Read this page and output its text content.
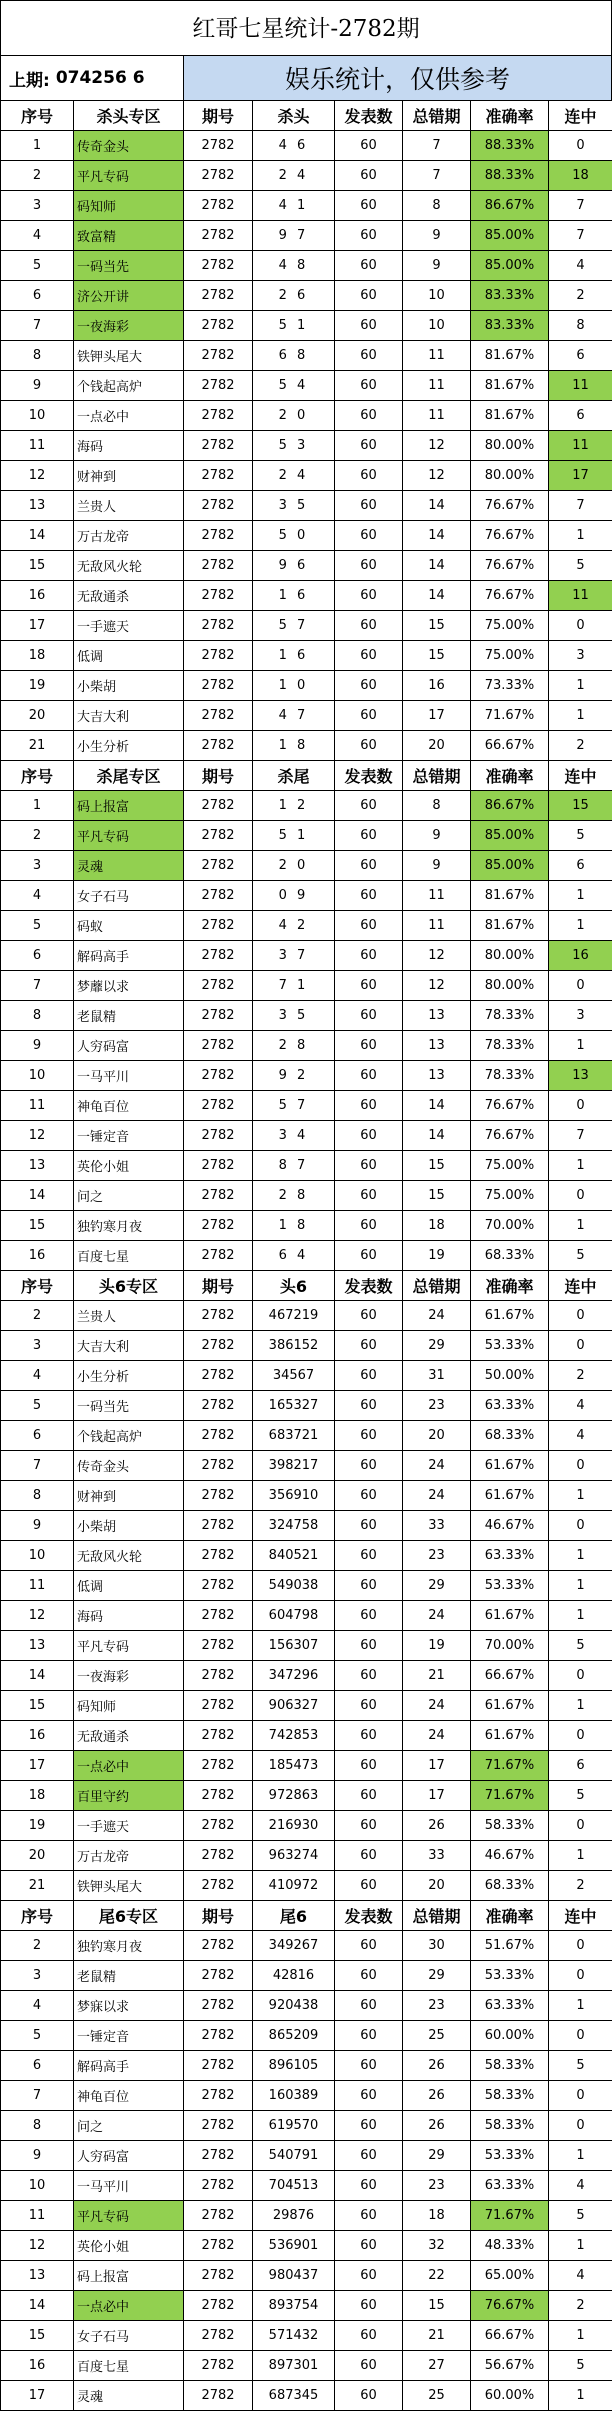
红哥七星统计-2782期
上期: 074256 6	娱乐统计，仅供参考
序号	杀头专区	期号	杀头	发表数	总错期	准确率	连中
1	传奇金头	2782	4 6	60	7	88.33%	0
2	平凡专码	2782	2 4	60	7	88.33%	18
3	码知师	2782	4 1	60	8	86.67%	7
4	致富精	2782	9 7	60	9	85.00%	7
5	一码当先	2782	4 8	60	9	85.00%	4
6	济公开讲	2782	2 6	60	10	83.33%	2
7	一夜海彩	2782	5 1	60	10	83.33%	8
8	铁钾头尾大	2782	6 8	60	11	81.67%	6
9	个钱起高炉	2782	5 4	60	11	81.67%	11
10	一点必中	2782	2 0	60	11	81.67%	6
11	海码	2782	5 3	60	12	80.00%	11
12	财神到	2782	2 4	60	12	80.00%	17
13	兰贵人	2782	3 5	60	14	76.67%	7
14	万古龙帝	2782	5 0	60	14	76.67%	1
15	无敌风火轮	2782	9 6	60	14	76.67%	5
16	无敌通杀	2782	1 6	60	14	76.67%	11
17	一手遮天	2782	5 7	60	15	75.00%	0
18	低调	2782	1 6	60	15	75.00%	3
19	小柴胡	2782	1 0	60	16	73.33%	1
20	大吉大利	2782	4 7	60	17	71.67%	1
21	小生分析	2782	1 8	60	20	66.67%	2
序号	杀尾专区	期号	杀尾	发表数	总错期	准确率	连中
1	码上报富	2782	1 2	60	8	86.67%	15
2	平凡专码	2782	5 1	60	9	85.00%	5
3	灵魂	2782	2 0	60	9	85.00%	6
4	女子石马	2782	0 9	60	11	81.67%	1
5	码蚁	2782	4 2	60	11	81.67%	1
6	解码高手	2782	3 7	60	12	80.00%	16
7	梦蘼以求	2782	7 1	60	12	80.00%	0
8	老鼠精	2782	3 5	60	13	78.33%	3
9	人穷码富	2782	2 8	60	13	78.33%	1
10	一马平川	2782	9 2	60	13	78.33%	13
11	神龟百位	2782	5 7	60	14	76.67%	0
12	一锤定音	2782	3 4	60	14	76.67%	7
13	英伦小姐	2782	8 7	60	15	75.00%	1
14	问之	2782	2 8	60	15	75.00%	0
15	独钓寒月夜	2782	1 8	60	18	70.00%	1
16	百度七星	2782	6 4	60	19	68.33%	5
序号	头6专区	期号	头6	发表数	总错期	准确率	连中
2	兰贵人	2782	467219	60	24	61.67%	0
3	大吉大利	2782	386152	60	29	53.33%	0
4	小生分析	2782	34567	60	31	50.00%	2
5	一码当先	2782	165327	60	23	63.33%	4
6	个钱起高炉	2782	683721	60	20	68.33%	4
7	传奇金头	2782	398217	60	24	61.67%	0
8	财神到	2782	356910	60	24	61.67%	1
9	小柴胡	2782	324758	60	33	46.67%	0
10	无敌风火轮	2782	840521	60	23	63.33%	1
11	低调	2782	549038	60	29	53.33%	1
12	海码	2782	604798	60	24	61.67%	1
13	平凡专码	2782	156307	60	19	70.00%	5
14	一夜海彩	2782	347296	60	21	66.67%	0
15	码知师	2782	906327	60	24	61.67%	1
16	无敌通杀	2782	742853	60	24	61.67%	0
17	一点必中	2782	185473	60	17	71.67%	6
18	百里守约	2782	972863	60	17	71.67%	5
19	一手遮天	2782	216930	60	26	58.33%	0
20	万古龙帝	2782	963274	60	33	46.67%	1
21	铁钾头尾大	2782	410972	60	20	68.33%	2
序号	尾6专区	期号	尾6	发表数	总错期	准确率	连中
2	独钓寒月夜	2782	349267	60	30	51.67%	0
3	老鼠精	2782	42816	60	29	53.33%	0
4	梦寐以求	2782	920438	60	23	63.33%	1
5	一锤定音	2782	865209	60	25	60.00%	0
6	解码高手	2782	896105	60	26	58.33%	5
7	神龟百位	2782	160389	60	26	58.33%	0
8	问之	2782	619570	60	26	58.33%	0
9	人穷码富	2782	540791	60	29	53.33%	1
10	一马平川	2782	704513	60	23	63.33%	4
11	平凡专码	2782	29876	60	18	71.67%	5
12	英伦小姐	2782	536901	60	32	48.33%	1
13	码上报富	2782	980437	60	22	65.00%	4
14	一点必中	2782	893754	60	15	76.67%	2
15	女子石马	2782	571432	60	21	66.67%	1
16	百度七星	2782	897301	60	27	56.67%	5
17	灵魂	2782	687345	60	25	60.00%	1
